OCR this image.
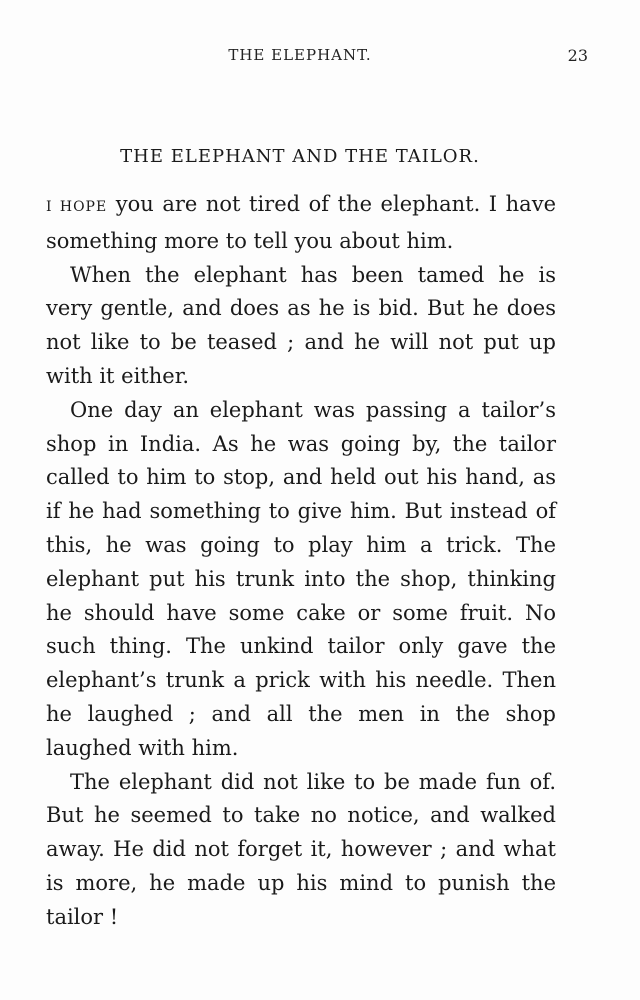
THE ELEPHANT.	23
THE ELEPHANT AND THE TAILOR.

I HOPE you are not tired of the elephant. I have something more to tell you about him.

When the elephant has been tamed he is very gentle, and does as he is bid. But he does not like to be teased ; and he will not put up with it either.

One day an elephant was passing a tailor’s shop in India. As he was going by, the tailor called to him to stop, and held out his hand, as if he had something to give him. But instead of this, he was going to play him a trick. The elephant put his trunk into the shop, thinking he should have some cake or some fruit. No such thing. The unkind tailor only gave the elephant’s trunk a prick with his needle. Then he laughed ; and all the men in the shop laughed with him.

The elephant did not like to be made fun of. But he seemed to take no notice, and walked away. He did not forget it, however ; and what is more, he made up his mind to punish the tailor !
